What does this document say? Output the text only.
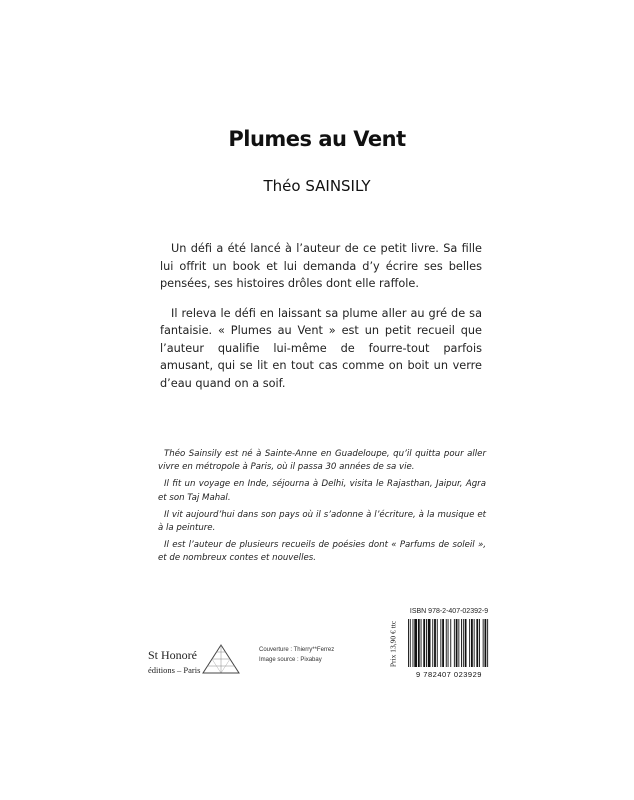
Plumes au Vent
Théo SAINSILY

Un défi a été lancé à l’auteur de ce petit livre. Sa fille lui offrit un book et lui demanda d’y écrire ses belles pensées, ses histoires drôles dont elle raffole.

Il releva le défi en laissant sa plume aller au gré de sa fantaisie. « Plumes au Vent » est un petit recueil que l’auteur qualifie lui-même de fourre-tout parfois amusant, qui se lit en tout cas comme on boit un verre d’eau quand on a soif.

Théo Sainsily est né à Sainte-Anne en Guadeloupe, qu’il quitta pour aller vivre en métropole à Paris, où il passa 30 années de sa vie.

Il fit un voyage en Inde, séjourna à Delhi, visita le Rajasthan, Jaipur, Agra et son Taj Mahal.

Il vit aujourd’hui dans son pays où il s’adonne à l’écriture, à la musique et à la peinture.

Il est l’auteur de plusieurs recueils de poésies dont « Parfums de soleil », et de nombreux contes et nouvelles.

St Honoré
éditions – Paris
Couverture : Thierry**Ferrez
Image source : Pixabay	Prix 13,90 € ttc
ISBN 978-2-407-02392-9
9 782407 023929
